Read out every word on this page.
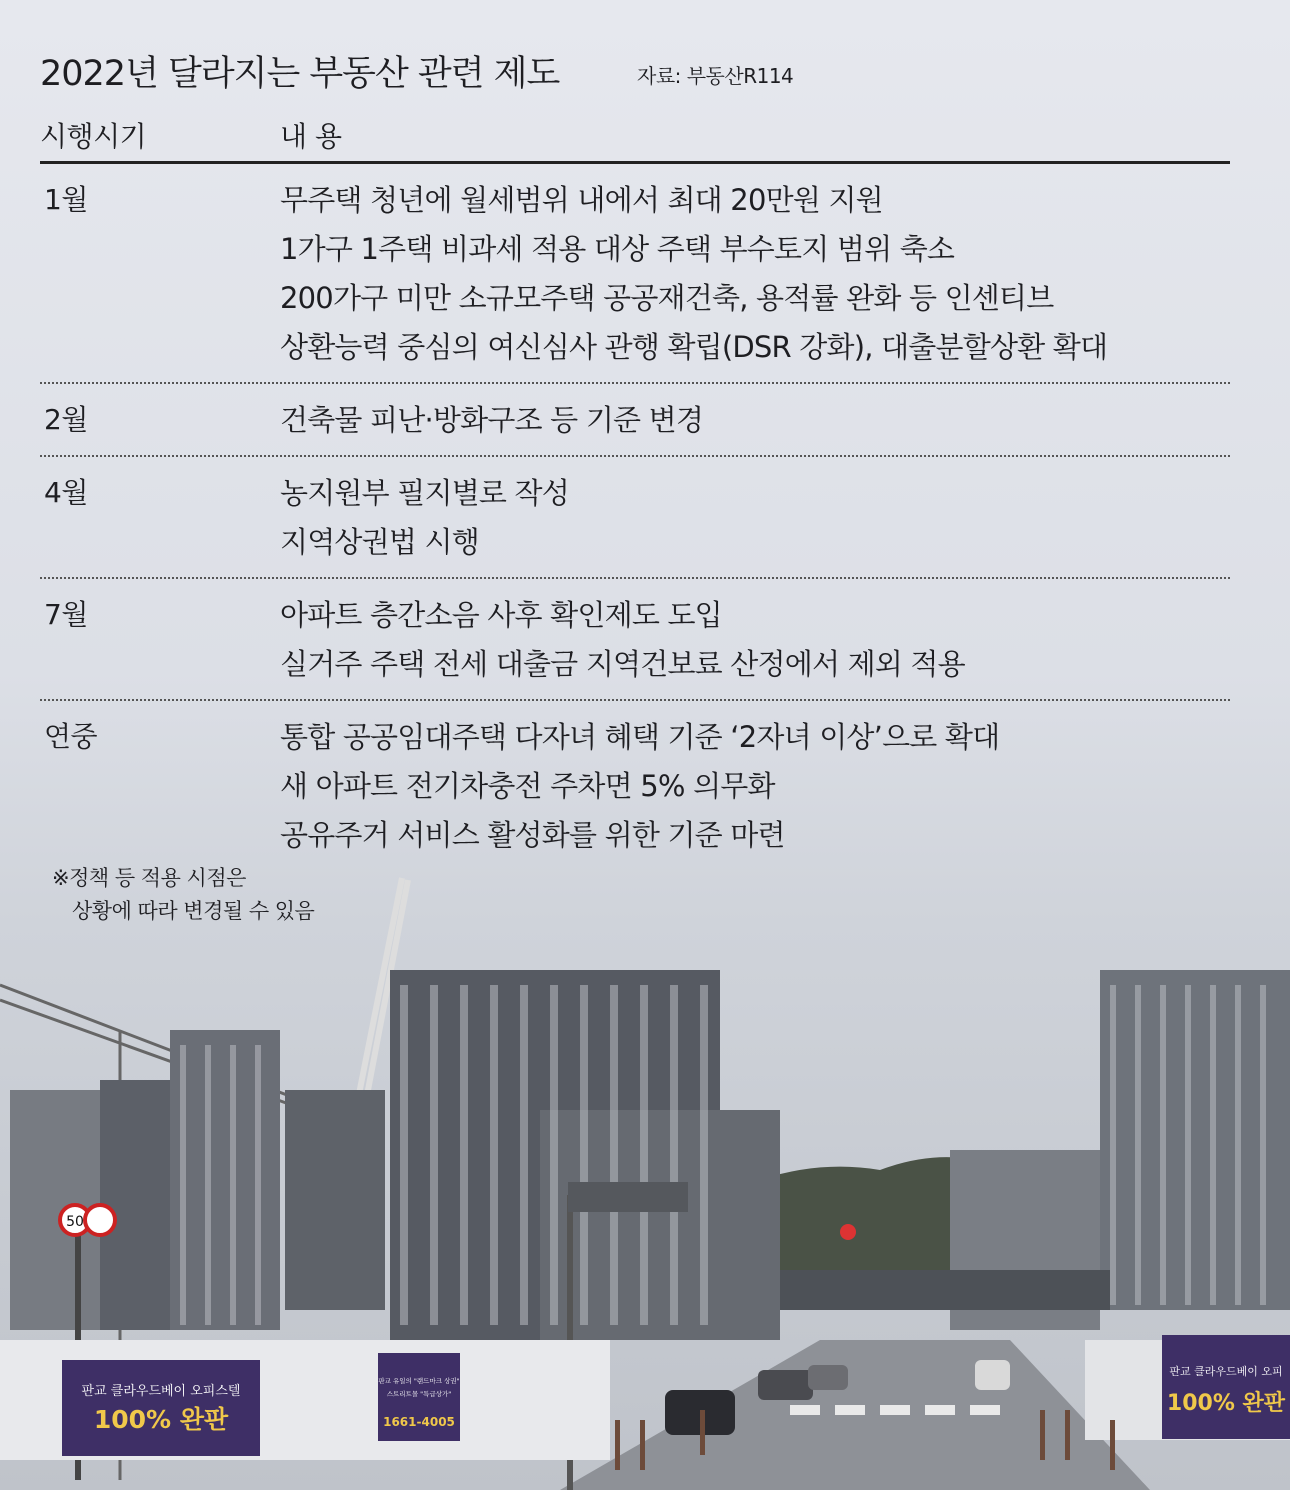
50
판교 클라우드베이 오피스텔
100% 완판
판교 유일의 "랜드마크 상권"
스트리트몰 "특급상가"
1661-4005
판교 클라우드베이 오피
100% 완판
2022년 달라지는 부동산 관련 제도	자료: 부동산R114
시행시기	내 용
1월	무주택 청년에 월세범위 내에서 최대 20만원 지원
1가구 1주택 비과세 적용 대상 주택 부수토지 범위 축소
200가구 미만 소규모주택 공공재건축, 용적률 완화 등 인센티브
상환능력 중심의 여신심사 관행 확립(DSR 강화), 대출분할상환 확대
2월	건축물 피난·방화구조 등 기준 변경
4월	농지원부 필지별로 작성
지역상권법 시행
7월	아파트 층간소음 사후 확인제도 도입
실거주 주택 전세 대출금 지역건보료 산정에서 제외 적용
연중	통합 공공임대주택 다자녀 혜택 기준 ‘2자녀 이상’으로 확대
새 아파트 전기차충전 주차면 5% 의무화
공유주거 서비스 활성화를 위한 기준 마련
※정책 등 적용 시점은
상황에 따라 변경될 수 있음
